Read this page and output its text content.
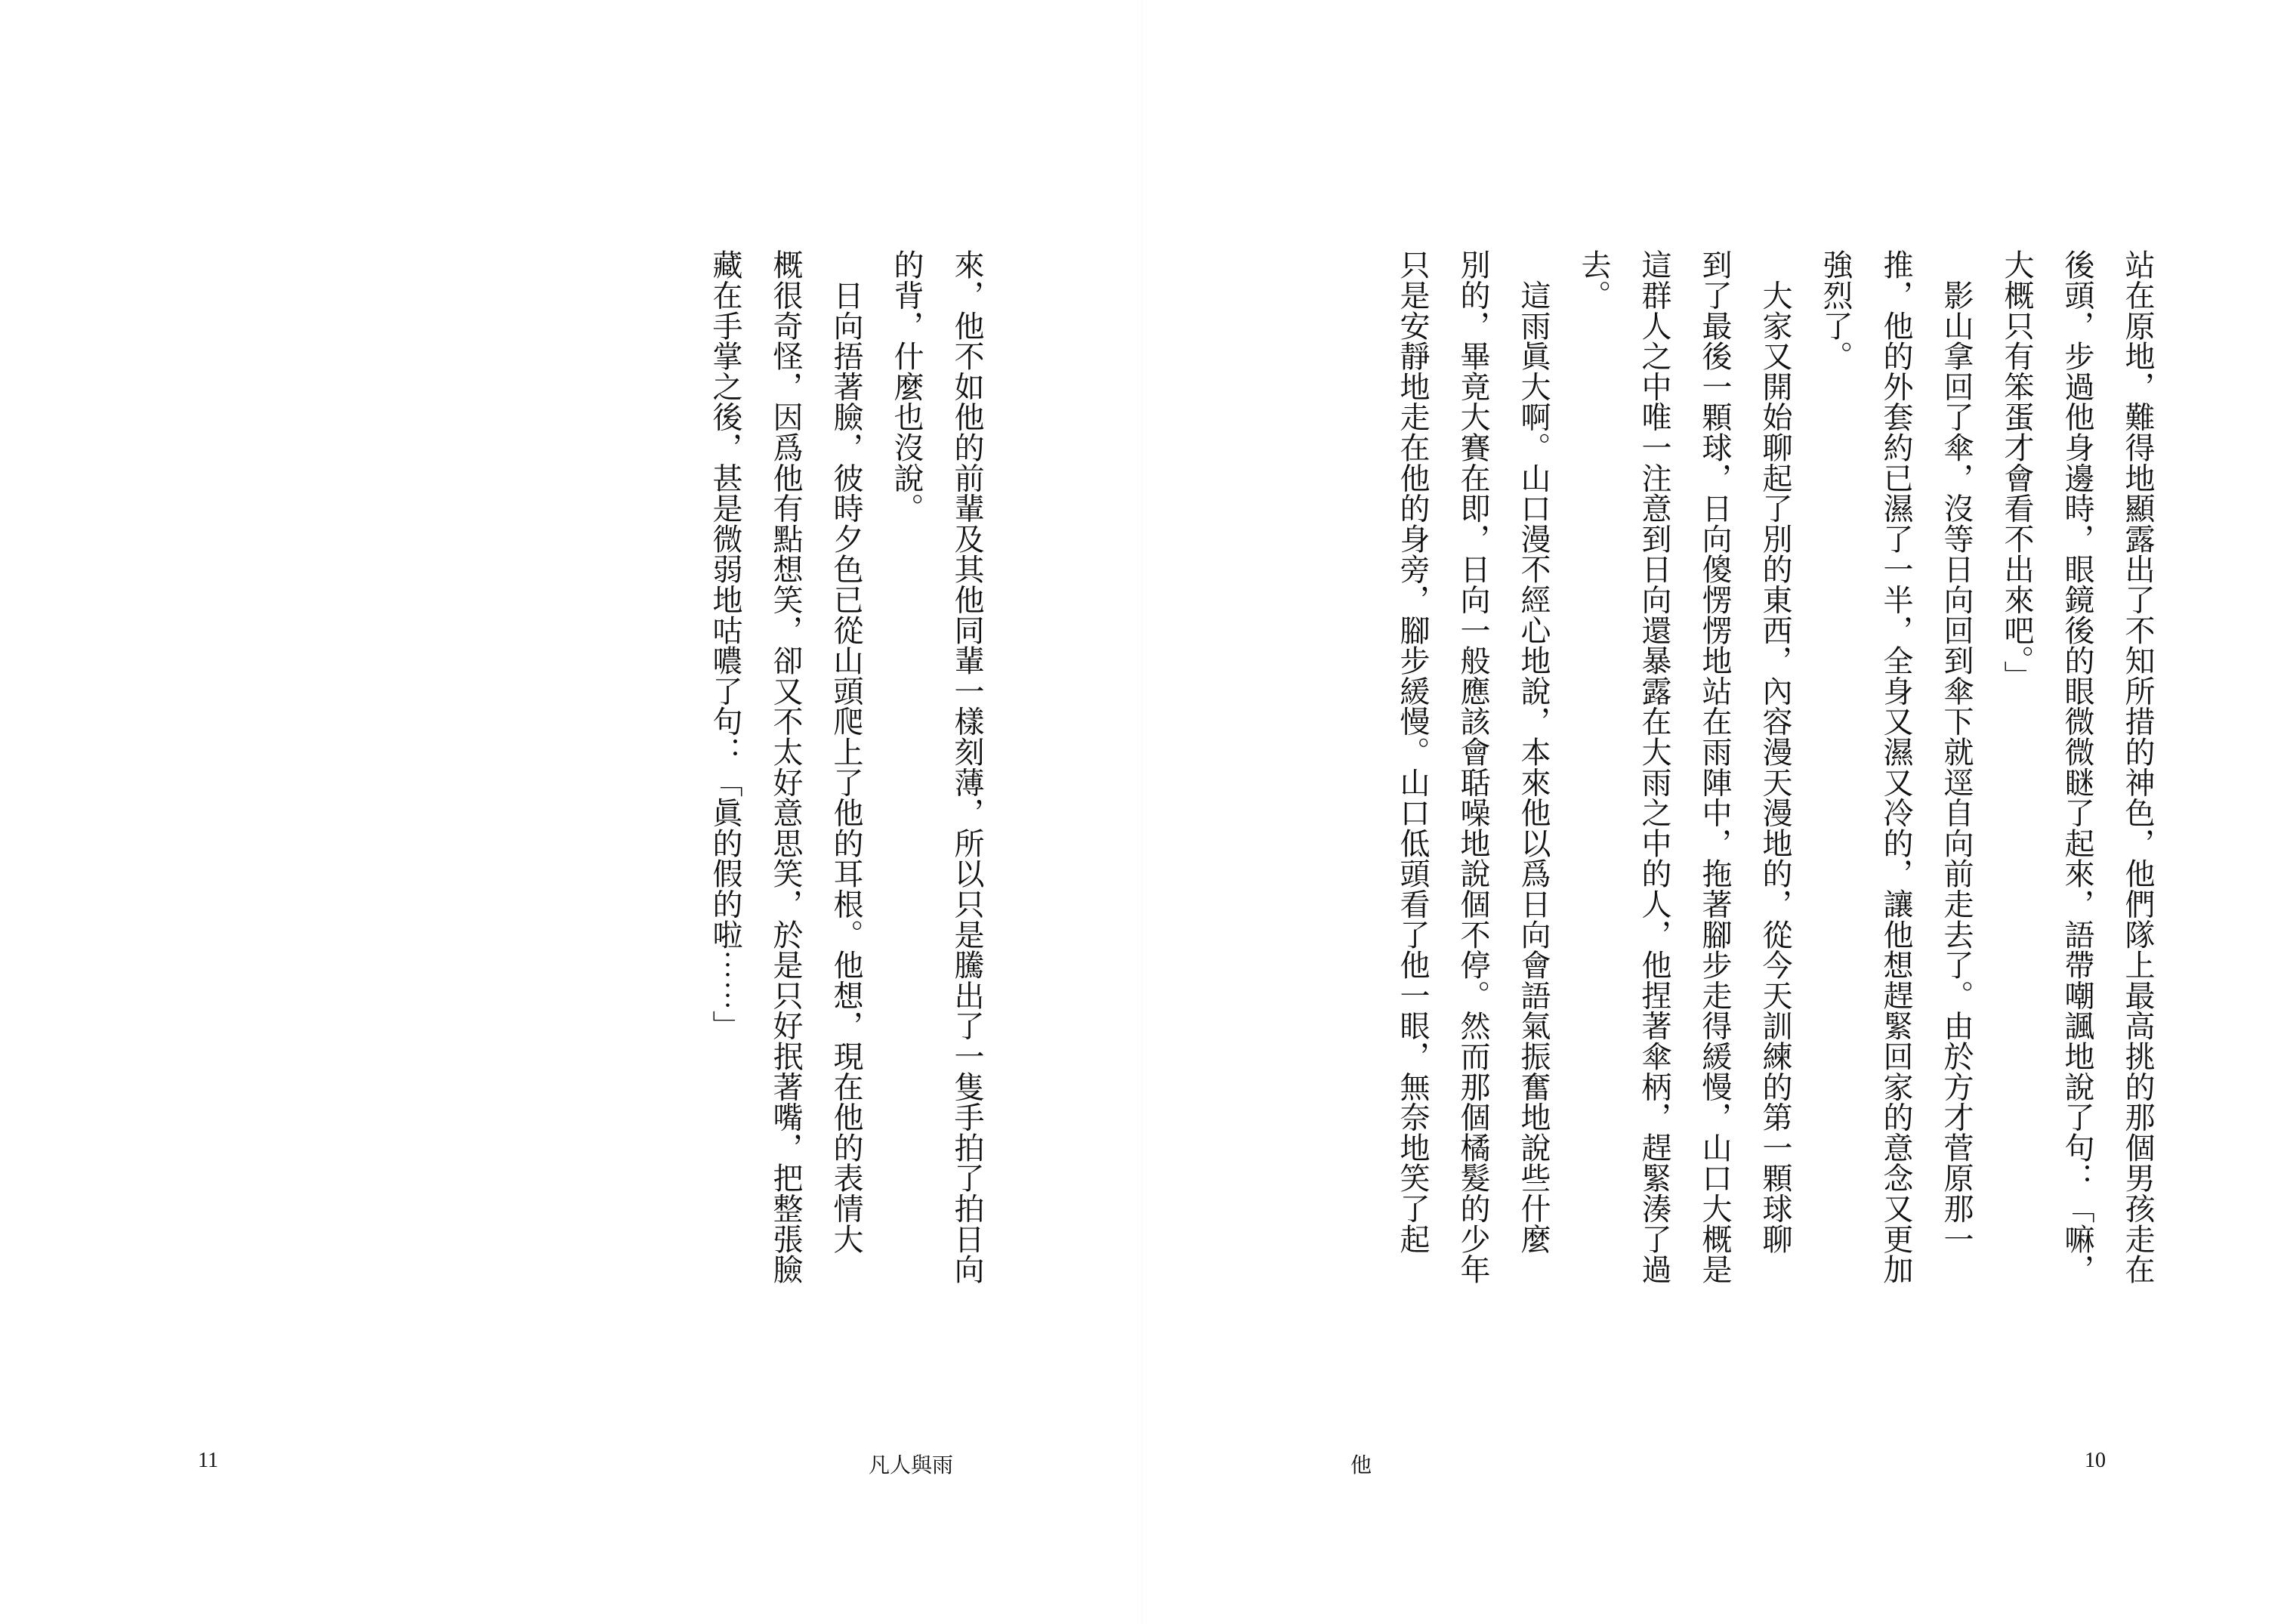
來，他不如他的前輩及其他同輩一樣刻薄，所以只是騰出了一隻手拍了拍日向
的背，什麼也沒說。
　日向捂著臉，彼時夕色已從山頭爬上了他的耳根。他想，現在他的表情大
概很奇怪，因爲他有點想笑，卻又不太好意思笑，於是只好抿著嘴，把整張臉
藏在手掌之後，甚是微弱地咕噥了句：「眞的假的啦⋯⋯」
11	凡人與雨
站在原地，難得地顯露出了不知所措的神色，他們隊上最高挑的那個男孩走在
後頭，步過他身邊時，眼鏡後的眼微微瞇了起來，語帶嘲諷地說了句：「嘛，
大概只有笨蛋才會看不出來吧。」
　影山拿回了傘，沒等日向回到傘下就逕自向前走去了。由於方才菅原那一
推，他的外套約已濕了一半，全身又濕又冷的，讓他想趕緊回家的意念又更加
強烈了。
　大家又開始聊起了別的東西，內容漫天漫地的，從今天訓練的第一顆球聊
到了最後一顆球，日向傻愣愣地站在雨陣中，拖著腳步走得緩慢，山口大概是
這群人之中唯一注意到日向還暴露在大雨之中的人，他捏著傘柄，趕緊湊了過
去。
　這雨眞大啊。山口漫不經心地說，本來他以爲日向會語氣振奮地說些什麼
別的，畢竟大賽在即，日向一般應該會聒噪地說個不停。然而那個橘髮的少年
只是安靜地走在他的身旁，腳步緩慢。山口低頭看了他一眼，無奈地笑了起
他	10
